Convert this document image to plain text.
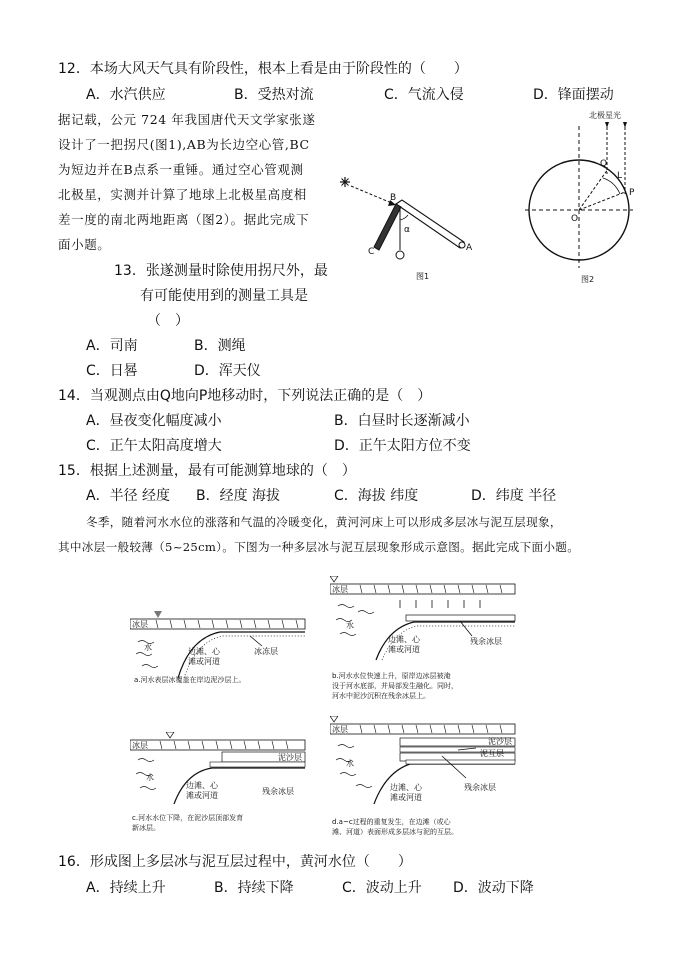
12．本场大风天气具有阶段性，根本上看是由于阶段性的（　　）
A．水汽供应	B．受热对流	C．气流入侵	D．锋面摆动
据记载，公元 724 年我国唐代天文学家张遂
设计了一把拐尺(图1),AB为长边空心管,BC
为短边并在B点系一重锤。通过空心管观测
北极星，实测并计算了地球上北极星高度相
差一度的南北两地距离（图2）。据此完成下
面小题。
B
C	A
α
图1
北极星光
Q
L
P
O
图2
13．张遂测量时除使用拐尺外，最
有可能使用到的测量工具是
（　）
A．司南	B．测绳
C．日晷	D．浑天仪
14．当观测点由Q地向P地移动时，下列说法正确的是（　）
A．昼夜变化幅度减小	B．白昼时长逐渐减小
C．正午太阳高度增大	D．正午太阳方位不变
15．根据上述测量，最有可能测算地球的（　）
A．半径 经度 B．经度 海拔	C．海拔 纬度	D．纬度 半径
冬季，随着河水水位的涨落和气温的冷暖变化，黄河河床上可以形成多层冰与泥互层现象，
其中冰层一般较薄（5~25cm）。下图为一种多层冰与泥互层现象形成示意图。据此完成下面小题。
冰层
水	边滩、心
滩或河道
冰冻层
a.河水表层冰覆盖在岸边泥沙层上。
冰层
水
边滩、心
滩或河道
残余冰层
b.河水水位快速上升，原岸边冰层被淹
没于河水底部，并局部发生融化。同时，
河水中泥沙沉积在残余冰层上。
冰层
泥沙层
水
边滩、心
滩或河道	残余冰层
c.河水水位下降，在泥沙层顶部发育
新冰层。
冰层
泥沙层
泥互层
水
边滩、心
滩或河道
残余冰层
d.a~c过程的重复发生，在边滩（或心
滩、河道）表面形成多层冰与泥的互层。
16．形成图上多层冰与泥互层过程中，黄河水位（　　）
A．持续上升	B．持续下降	C．波动上升 D．波动下降
